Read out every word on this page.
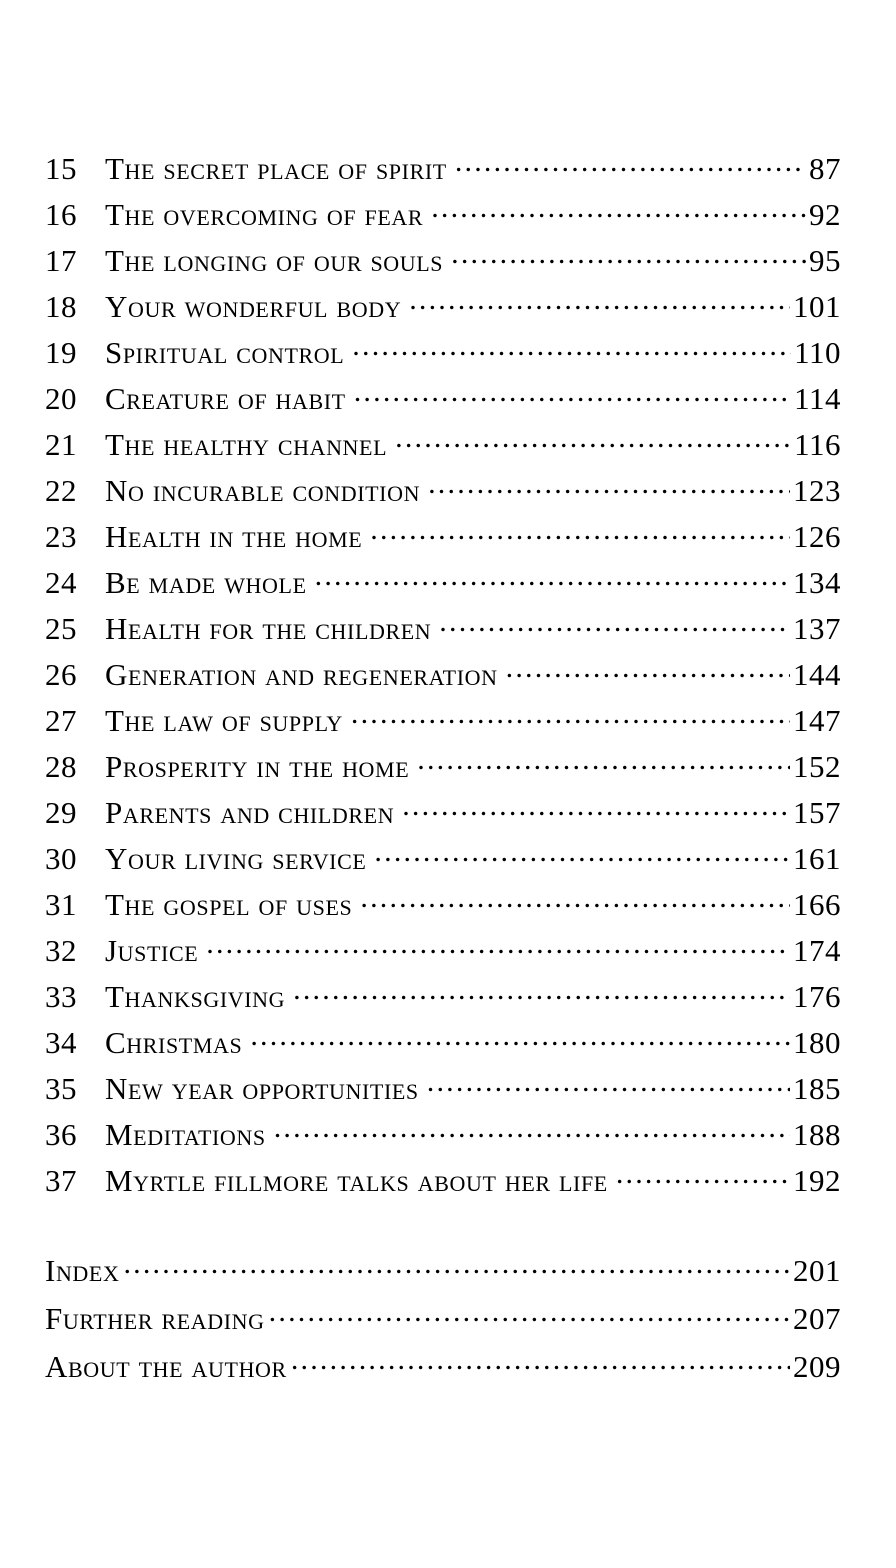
15 the secret place of spirit .....	87
16 the overcoming of fear .....	92
17 the longing of our souls .....	95
18 your wonderful body .....	101
19 spiritual control .....	110
20 creature of habit .....	114
21 the healthy channel .....	116
22 no incurable condition .....	123
23 health in the home .....	126
24 be made whole .....	134
25 health for the children .....	137
26 generation and regeneration .....	144
27 the law of supply .....	147
28 prosperity in the home .....	152
29 parents and children .....	157
30 your living service .....	161
31 the gospel of uses .....	166
32 justice .....	174
33 thanksgiving .....	176
34 christmas .....	180
35 new year opportunities .....	185
36 meditations .....	188
37 myrtle fillmore talks about her life .....	192
Index .....	201
Further reading .....	207
About the author .....	209
